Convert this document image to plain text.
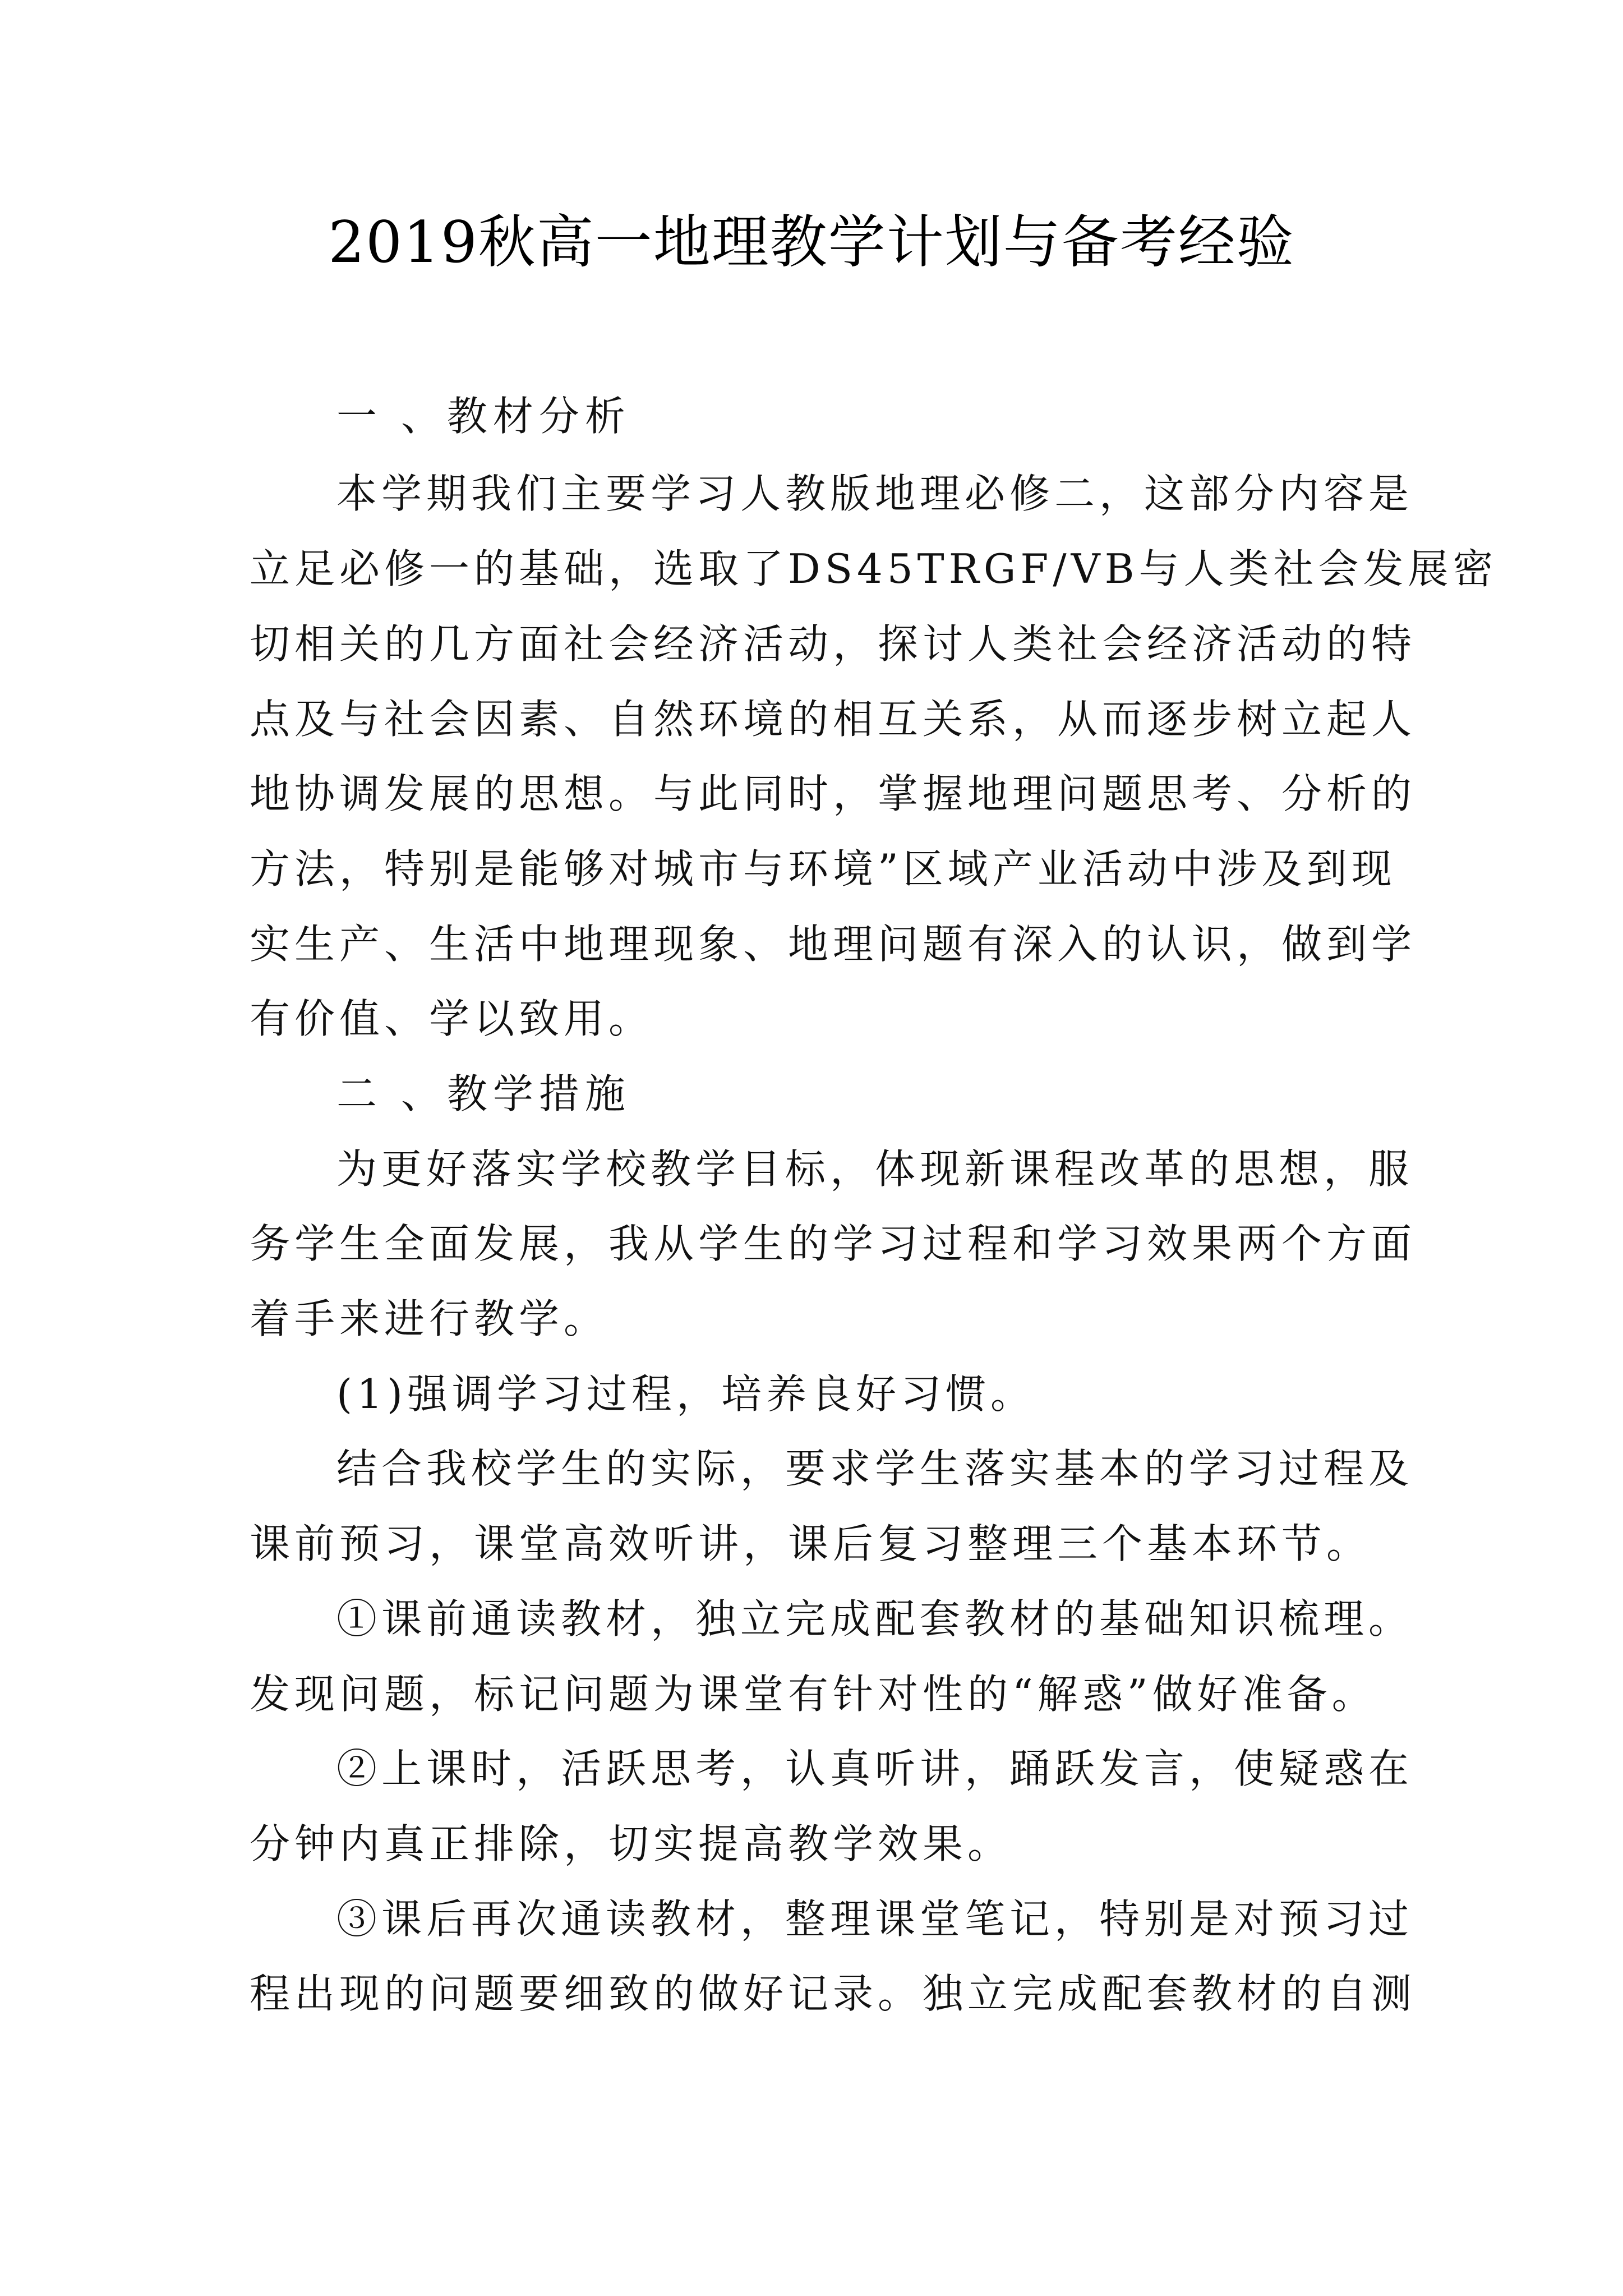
2019秋高一地理教学计划与备考经验
一 、教材分析
本学期我们主要学习人教版地理必修二，这部分内容是
立足必修一的基础，选取了DS45TRGF/VB与人类社会发展密
切相关的几方面社会经济活动，探讨人类社会经济活动的特
点及与社会因素、自然环境的相互关系，从而逐步树立起人
地协调发展的思想。与此同时，掌握地理问题思考、分析的
方法，特别是能够对城市与环境”区域产业活动中涉及到现
实生产、生活中地理现象、地理问题有深入的认识，做到学
有价值、学以致用。
二 、教学措施
为更好落实学校教学目标，体现新课程改革的思想，服
务学生全面发展，我从学生的学习过程和学习效果两个方面
着手来进行教学。
(1)强调学习过程，培养良好习惯。
结合我校学生的实际，要求学生落实基本的学习过程及
课前预习，课堂高效听讲，课后复习整理三个基本环节。
①课前通读教材，独立完成配套教材的基础知识梳理。
发现问题，标记问题为课堂有针对性的“解惑”做好准备。
②上课时，活跃思考，认真听讲，踊跃发言，使疑惑在
分钟内真正排除，切实提高教学效果。
③课后再次通读教材，整理课堂笔记，特别是对预习过
程出现的问题要细致的做好记录。独立完成配套教材的自测
